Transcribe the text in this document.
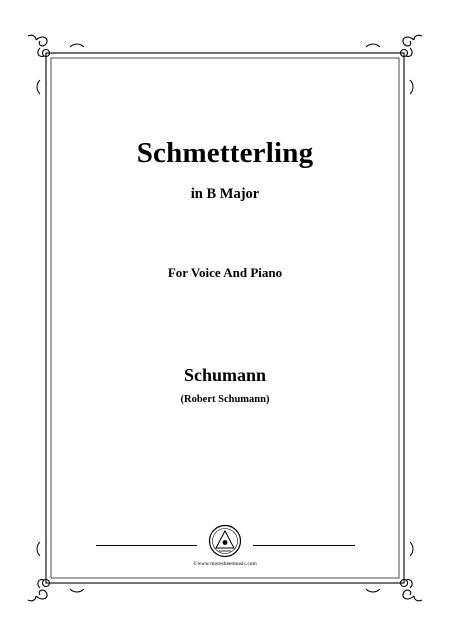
Schmetterling
in B Major
For Voice And Piano
Schumann
(Robert Schumann)
©www.moresheetmusic.com
